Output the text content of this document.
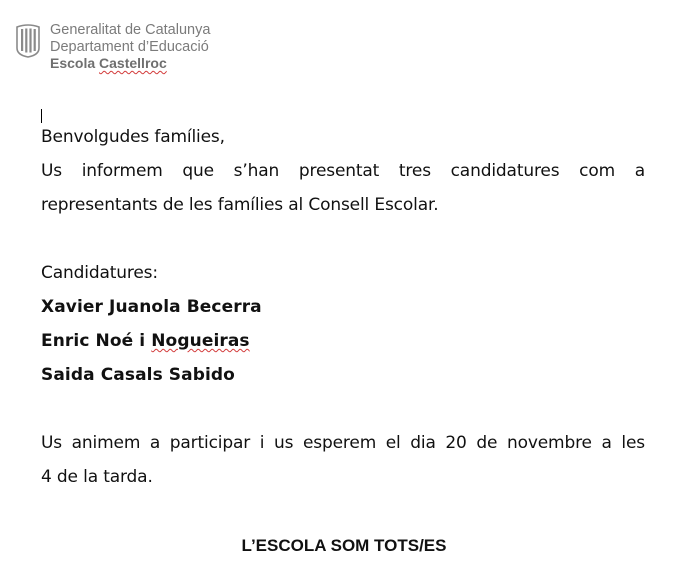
Generalitat de Catalunya
Departament d’Educació
Escola Castellroc
Benvolgudes famílies,
Us informem que s’han presentat tres candidatures com a
representants de les famílies al Consell Escolar.
Candidatures:
Xavier Juanola Becerra
Enric Noé i Nogueiras
Saida Casals Sabido
Us animem a participar i us esperem el dia 20 de novembre a les
4 de la tarda.
L’ESCOLA SOM TOTS/ES
